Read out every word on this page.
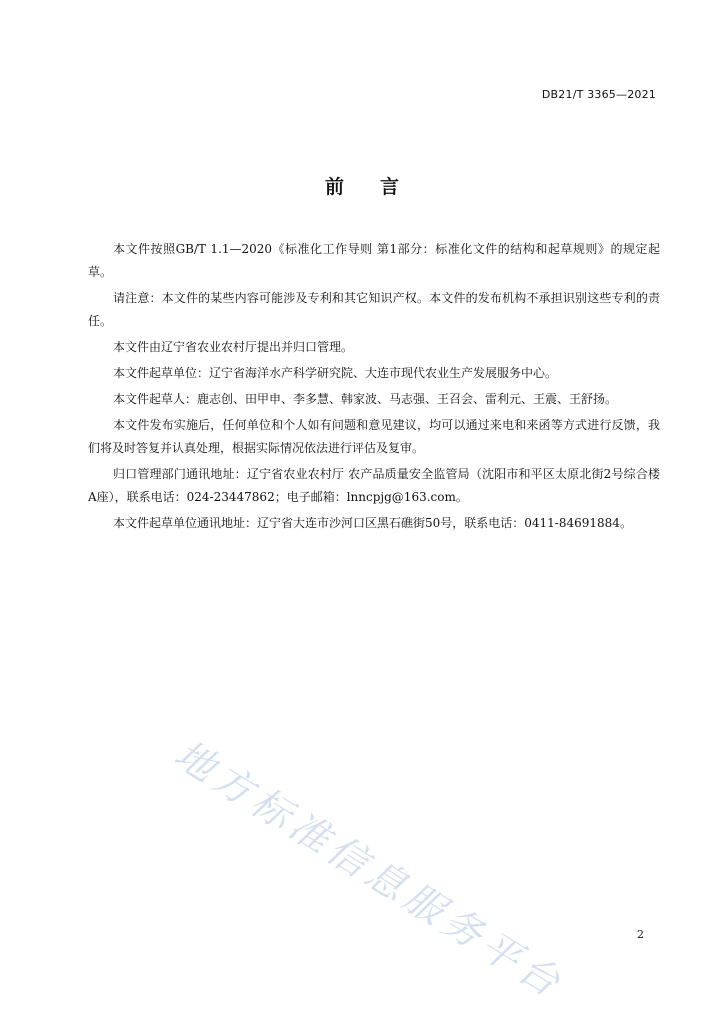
DB21/T 3365—2021
前言

本文件按照GB/T 1.1—2020《标准化工作导则 第1部分：标准化文件的结构和起草规则》的规定起草。

请注意：本文件的某些内容可能涉及专利和其它知识产权。本文件的发布机构不承担识别这些专利的责任。

本文件由辽宁省农业农村厅提出并归口管理。

本文件起草单位：辽宁省海洋水产科学研究院、大连市现代农业生产发展服务中心。

本文件起草人：鹿志创、田甲申、李多慧、韩家波、马志强、王召会、雷利元、王震、王舒扬。

本文件发布实施后，任何单位和个人如有问题和意见建议，均可以通过来电和来函等方式进行反馈，我们将及时答复并认真处理，根据实际情况依法进行评估及复审。

归口管理部门通讯地址：辽宁省农业农村厅 农产品质量安全监管局（沈阳市和平区太原北街2号综合楼A座），联系电话：024-23447862；电子邮箱：lnncpjg@163.com。

本文件起草单位通讯地址：辽宁省大连市沙河口区黑石礁街50号，联系电话：0411-84691884。

地方标准信息服务平台	2
